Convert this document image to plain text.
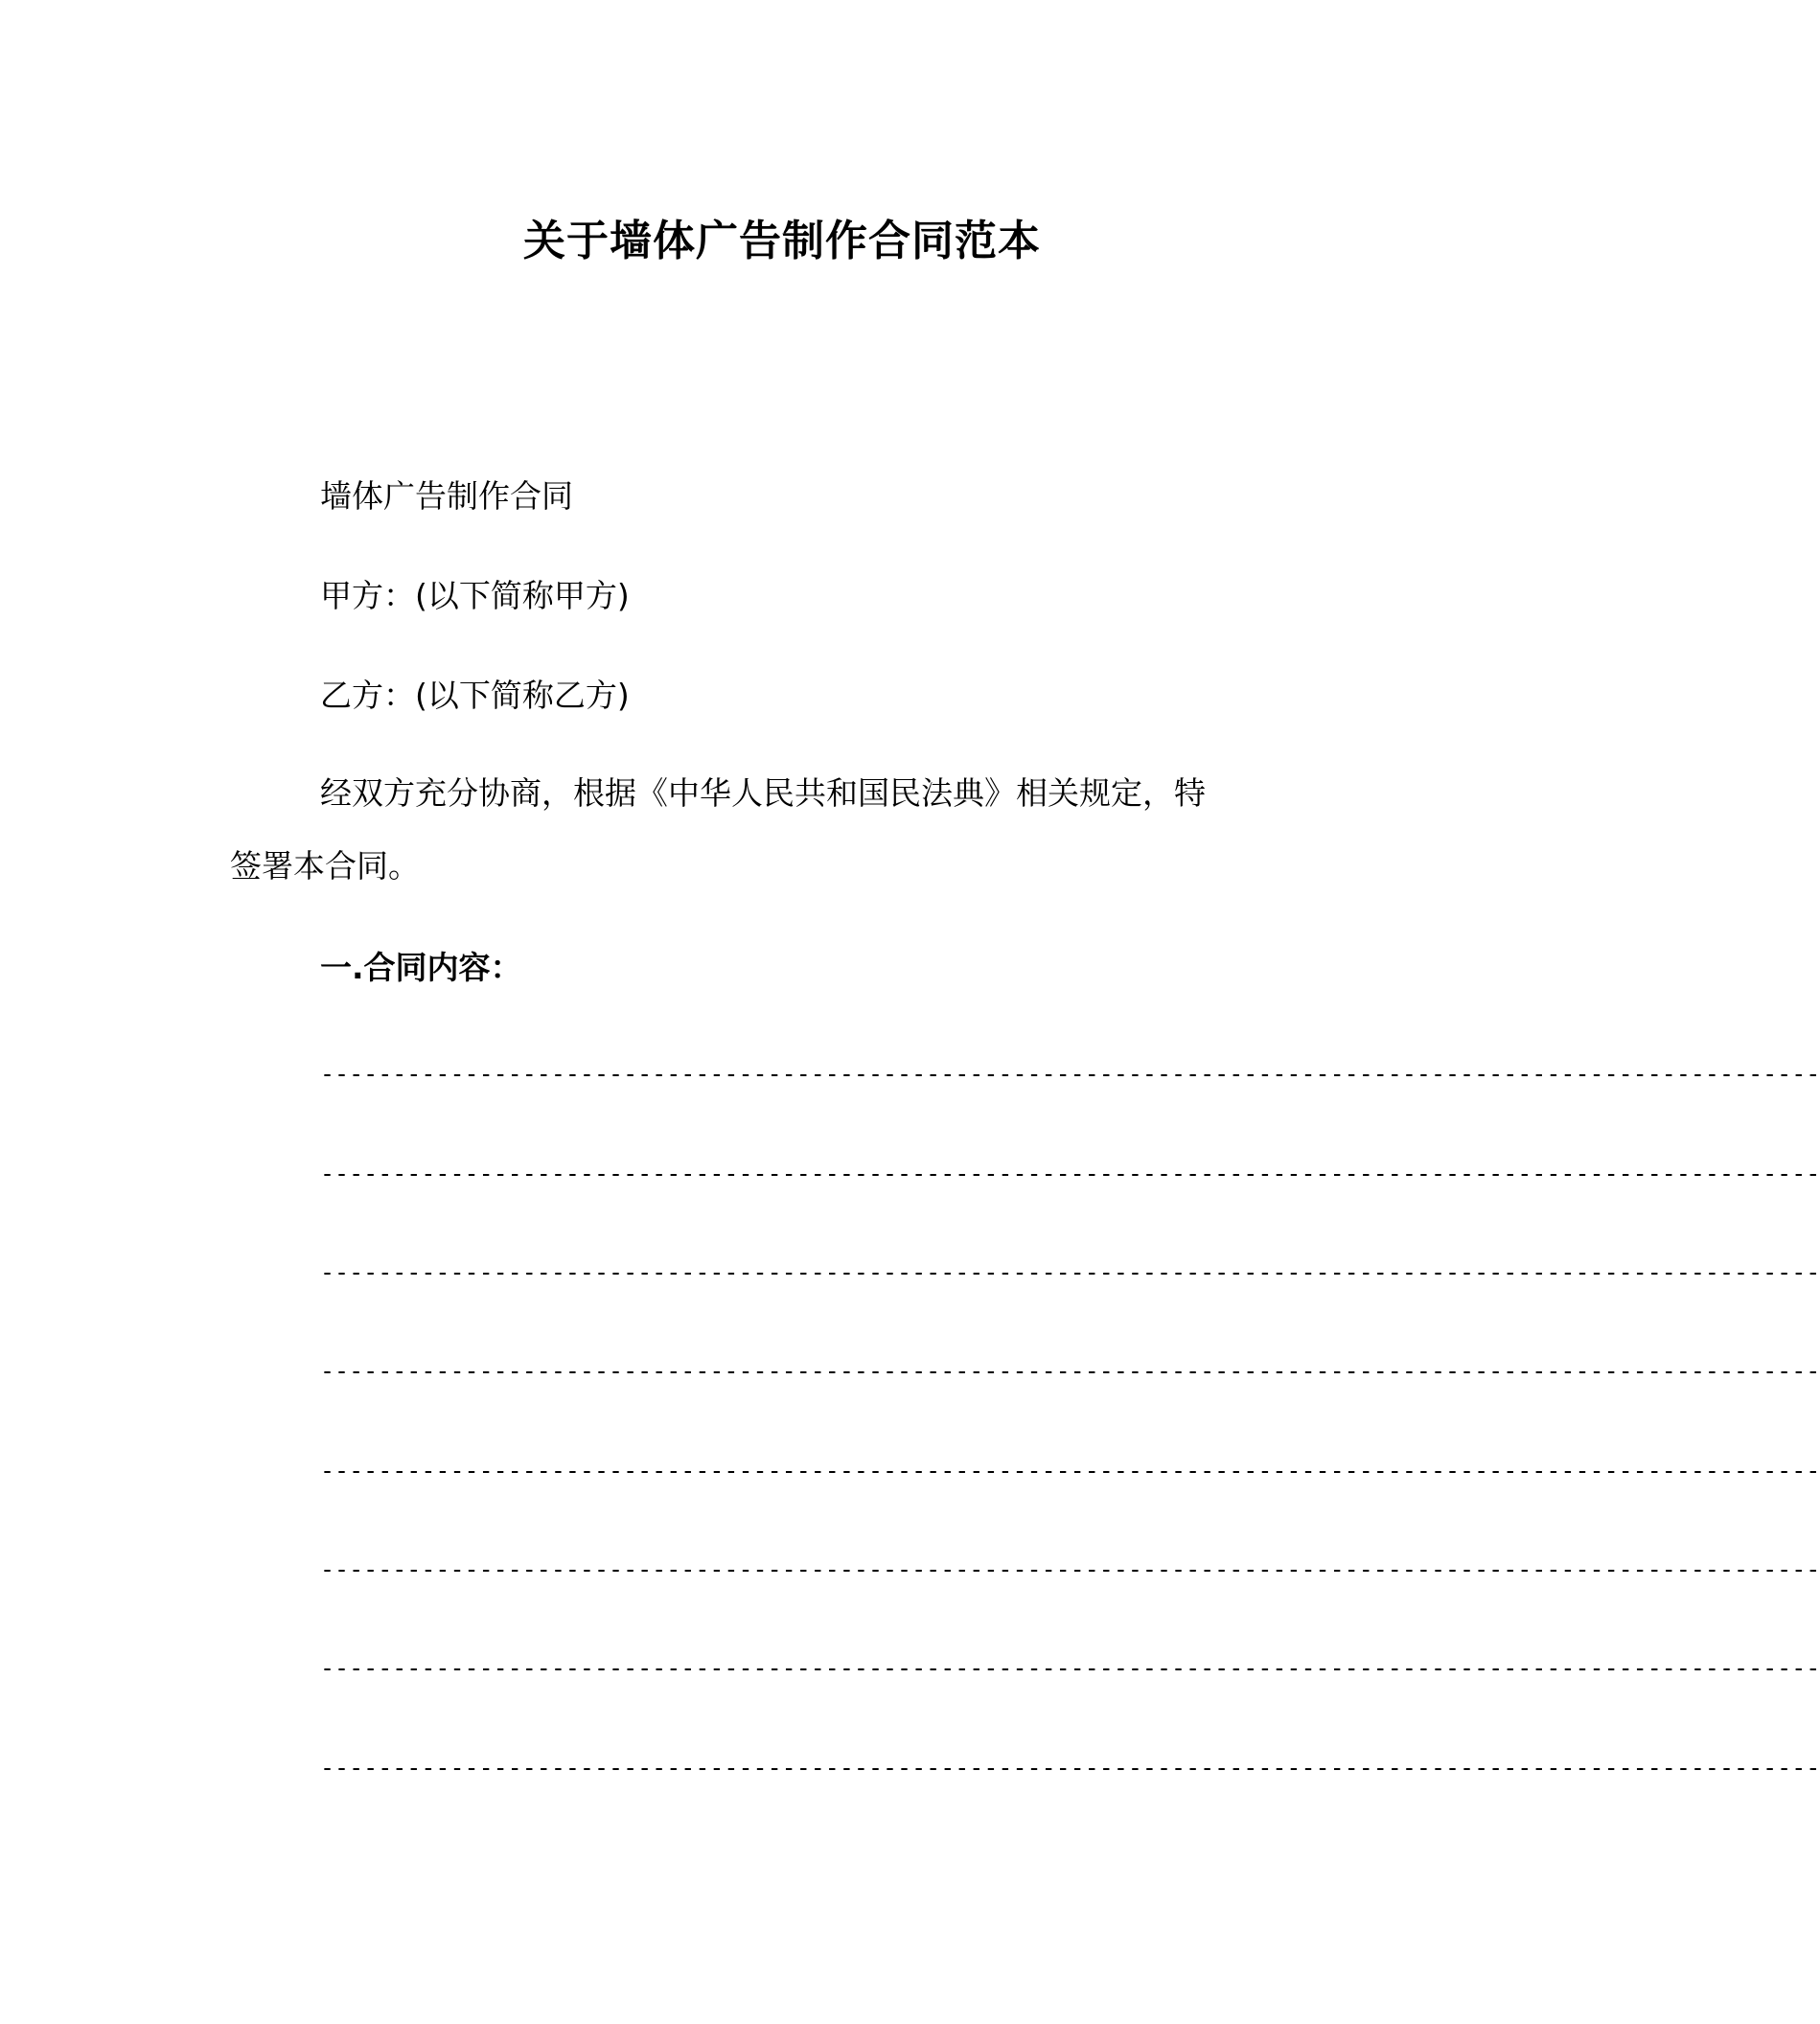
关于墙体广告制作合同范本
墙体广告制作合同
甲方：(以下简称甲方)
乙方：(以下简称乙方)
经双方充分协商，根据《中华人民共和国民法典》相关规定，特
签署本合同。
一.合同内容：
--------------------------------------------------------------------------------------------------------
--------------------------------------------------------------------------------------------------------
--------------------------------------------------------------------------------------------------------
--------------------------------------------------------------------------------------------------------
--------------------------------------------------------------------------------------------------------
--------------------------------------------------------------------------------------------------------
--------------------------------------------------------------------------------------------------------
--------------------------------------------------------------------------------------------------------
